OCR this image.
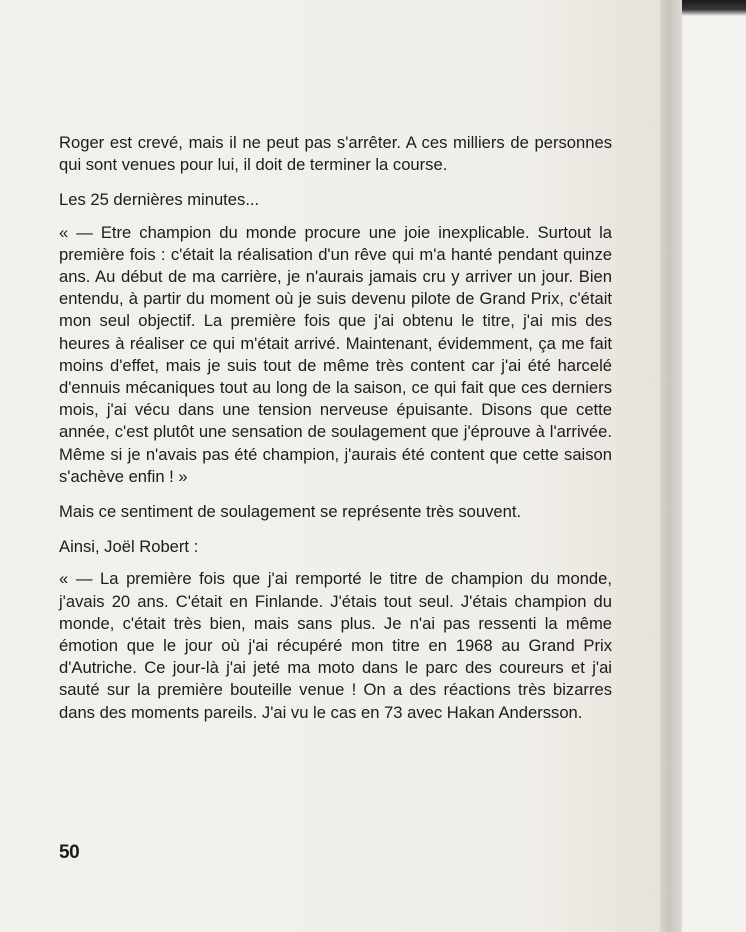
Roger est crevé, mais il ne peut pas s'arrêter. A ces milliers de personnes qui sont venues pour lui, il doit de terminer la course.

Les 25 dernières minutes...

« — Etre champion du monde procure une joie inexplicable. Surtout la première fois : c'était la réalisation d'un rêve qui m'a hanté pendant quinze ans. Au début de ma carrière, je n'aurais jamais cru y arriver un jour. Bien entendu, à partir du moment où je suis devenu pilote de Grand Prix, c'était mon seul objectif. La première fois que j'ai obtenu le titre, j'ai mis des heures à réaliser ce qui m'était arrivé. Maintenant, évidemment, ça me fait moins d'effet, mais je suis tout de même très content car j'ai été harcelé d'ennuis mécaniques tout au long de la saison, ce qui fait que ces derniers mois, j'ai vécu dans une tension nerveuse épuisante. Disons que cette année, c'est plutôt une sensation de soulagement que j'éprouve à l'arrivée. Même si je n'avais pas été champion, j'aurais été content que cette saison s'achève enfin ! »

Mais ce sentiment de soulagement se représente très souvent.

Ainsi, Joël Robert :

« — La première fois que j'ai remporté le titre de champion du monde, j'avais 20 ans. C'était en Finlande. J'étais tout seul. J'étais champion du monde, c'était très bien, mais sans plus. Je n'ai pas ressenti la même émotion que le jour où j'ai récupéré mon titre en 1968 au Grand Prix d'Autriche. Ce jour-là j'ai jeté ma moto dans le parc des coureurs et j'ai sauté sur la première bouteille venue ! On a des réactions très bizarres dans des moments pareils. J'ai vu le cas en 73 avec Hakan Andersson.

50
